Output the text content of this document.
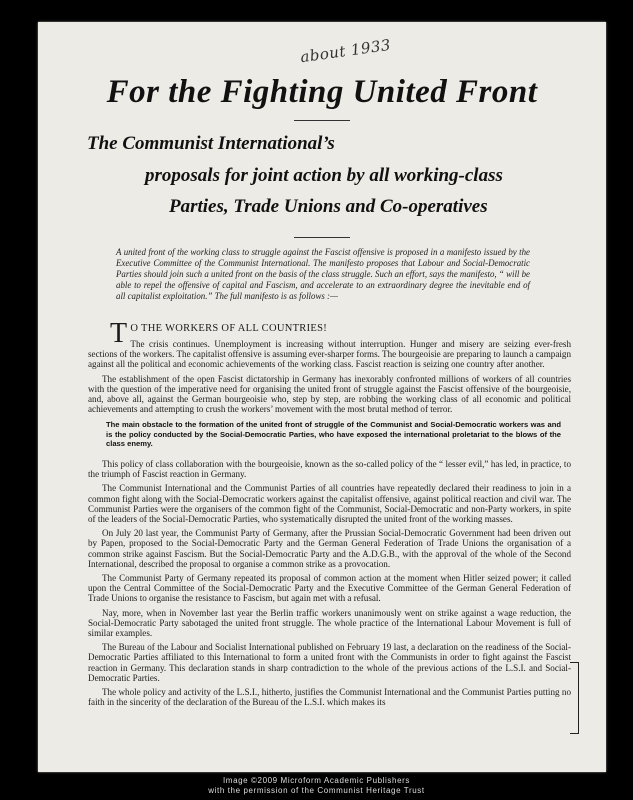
about 1933
For the Fighting United Front
The Communist International’s
proposals for joint action by all working-class
Parties, Trade Unions and Co-operatives

A united front of the working class to struggle against the Fascist offensive is proposed in a manifesto issued by the Executive Committee of the Communist International. The manifesto proposes that Labour and Social-Democratic Parties should join such a united front on the basis of the class struggle. Such an effort, says the manifesto, “ will be able to repel the offensive of capital and Fascism, and accelerate to an extraordinary degree the inevitable end of all capitalist exploitation.” The full manifesto is as follows :—

T O THE WORKERS OF ALL COUNTRIES!

The crisis continues. Unemployment is increasing without interruption. Hunger and misery are seizing ever-fresh sections of the workers. The capitalist offensive is assuming ever-sharper forms. The bourgeoisie are preparing to launch a campaign against all the political and economic achievements of the working class. Fascist reaction is seizing one country after another.

The establishment of the open Fascist dictatorship in Germany has inexorably confronted millions of workers of all countries with the question of the imperative need for organising the united front of struggle against the Fascist offensive of the bourgeoisie, and, above all, against the German bourgeoisie who, step by step, are robbing the working class of all economic and political achievements and attempting to crush the workers’ movement with the most brutal method of terror.

The main obstacle to the formation of the united front of struggle of the Communist and Social-Democratic workers was and is the policy conducted by the Social-Democratic Parties, who have exposed the international proletariat to the blows of the class enemy.

This policy of class collaboration with the bourgeoisie, known as the so-called policy of the “ lesser evil,” has led, in practice, to the triumph of Fascist reaction in Germany.

The Communist International and the Communist Parties of all countries have repeatedly declared their readiness to join in a common fight along with the Social-Democratic workers against the capitalist offensive, against political reaction and civil war. The Communist Parties were the organisers of the common fight of the Communist, Social-Democratic and non-Party workers, in spite of the leaders of the Social-Democratic Parties, who systematically disrupted the united front of the working masses.

On July 20 last year, the Communist Party of Germany, after the Prussian Social-Democratic Government had been driven out by Papen, proposed to the Social-Democratic Party and the German General Federation of Trade Unions the organisation of a common strike against Fascism. But the Social-Democratic Party and the A.D.G.B., with the approval of the whole of the Second International, described the proposal to organise a common strike as a provocation.

The Communist Party of Germany repeated its proposal of common action at the moment when Hitler seized power; it called upon the Central Committee of the Social-Democratic Party and the Executive Committee of the German General Federation of Trade Unions to organise the resistance to Fascism, but again met with a refusal.

Nay, more, when in November last year the Berlin traffic workers unanimously went on strike against a wage reduction, the Social-Democratic Party sabotaged the united front struggle. The whole practice of the International Labour Movement is full of similar examples.

The Bureau of the Labour and Socialist International published on February 19 last, a declaration on the readiness of the Social-Democratic Parties affiliated to this International to form a united front with the Communists in order to fight against the Fascist reaction in Germany. This declaration stands in sharp contradiction to the whole of the previous actions of the L.S.I. and Social-Democratic Parties.

The whole policy and activity of the L.S.I., hitherto, justifies the Communist International and the Communist Parties putting no faith in the sincerity of the declaration of the Bureau of the L.S.I. which makes its

Image ©2009 Microform Academic Publishers
with the permission of the Communist Heritage Trust
